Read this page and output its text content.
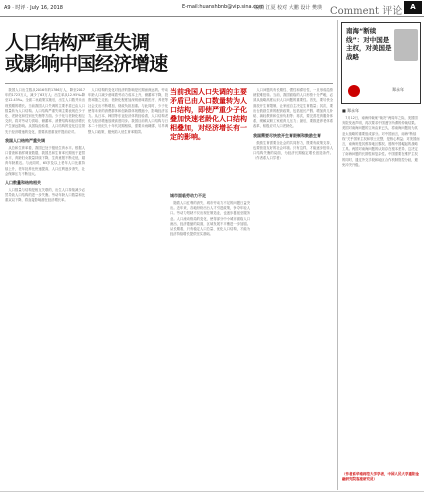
A9 · 时评 · July 16, 2018	E-mail:huanshbnb@vip.sina.com
编辑 江夏 校对 大鹏 设计 樊瑛 Comment 评论	A
人口结构严重失调
或影响中国经济增速
　我国人口出生数从2016年的1786万人，降至2017年的1723万人，减少了63万人；出生率从12.95‰降至12.43‰。全面二孩政策实施后，出生人口数并未出现预期的增长。当前我国人口失调的主要矛盾已由人口数量转为人口结构。人口结构严重失调主要表现在少子化、老龄化和性别比失衡等方面。少子化与老龄化相互交织，将对劳动力供给、储蓄率、消费结构和经济增长产生深远影响。从国际经验看，人口结构的变化往往领先于经济增速的变化，需要高度重视并提前应对。
我国人口结构严重失调
　从总和生育率看，我国已处于极低生育水平。根据人口普查和抽样调查数据，我国总和生育率长期低于更替水平，育龄妇女数量持续下降，生育意愿不断走低，婚育年龄推迟。与此同时，65岁及以上老年人口比重持续上升，老年抚养比快速提高，人口红利逐步消失，社会保障压力不断加大。
人口数量和结构相关
　人口数量与结构是相互关联的，出生人口持续减少必然导致人口结构的进一步失衡。劳动年龄人口数量和比重双双下降，将直接影响潜在经济增长率。
　人口结构的变化对经济的影响是长期而深远的。劳动年龄人口减少意味着劳动力成本上升，储蓄率下降，投资率随之走低；老龄化程度加深则意味着医疗、养老等社会支出不断增加，财政负担加重。与此同时，少子化使得未来的消费群体和创新群体规模缩小，影响经济活力。从日本、韩国等东亚经济体的经验看，人口结构老化与经济增速放缓高度同步。我国目前的人口结构与日本二十世纪九十年代初期相似，需要未雨绸缪，尽早调整人口政策，避免陷入低生育率陷阱。
当前我国人口失调的主要矛盾已由人口数量转为人口结构，即使严重少子化叠加快速老龄化人口结构相叠加，对经济增长有一定的影响。
城市面临劳动力不足
　随着人口红利的消失，城市劳动力不足的问题日益突出。近年来，各地纷纷出台人才引进政策，争夺年轻人口。劳动力短缺不仅出现在制造业，也逐步蔓延至服务业。人口流动格局的变化，使得部分中小城市面临人口流出、经济萎缩的局面，区域发展不平衡进一步加剧。从长期看，只有稳定人口总量、优化人口结构，才能为经济持续增长提供坚实基础。
　人口问题具有长期性、惯性和滞后性，一旦形成趋势就很难扭转。当前，我国面临的人口形势十分严峻，必须从战略高度认识人口问题的重要性。首先，要尽快全面放开生育限制，让家庭自主决定生育数量；其次，要出台鼓励生育的配套政策，包括延长产假、增加育儿补贴、减轻教育和住房负担等；再次，要完善托育服务体系，缓解双职工家庭育儿压力；最后，要推进养老体系改革，积极应对人口老龄化。
我国需要尽快放开生育限制和鼓励生育
　鼓励生育需要全社会的共同努力，既要有政策支持，也要营造友好的社会环境。只有这样，才能逐步扭转人口结构失衡的局面，为经济长期稳定增长创造条件。（作者系人口学者）
南海“断续线”：对中国是主权，对美国是战略
郑永年
■ 郑永年
　7月12日，南海仲裁案“裁决”两周年之际，美国国务院发表声明，再次要求中国遵守所谓的仲裁结果。美国对南海问题的立场由来已久，将南海问题视为其亚太战略的重要组成部分。对中国而言，南海“断续线”关乎国家主权和领土完整，是核心利益；对美国而言，南海则是其维持地区霸权、遏制中国崛起的战略工具。两国对南海问题的认知存在根本差异，这决定了南海问题的长期性和复杂性。中国需要在维护主权的同时，通过外交手段和地区合作机制管控分歧，避免冲突升级。
（作者系华南师范大学学者，中国人民大学重阳金融研究院客座研究员）
